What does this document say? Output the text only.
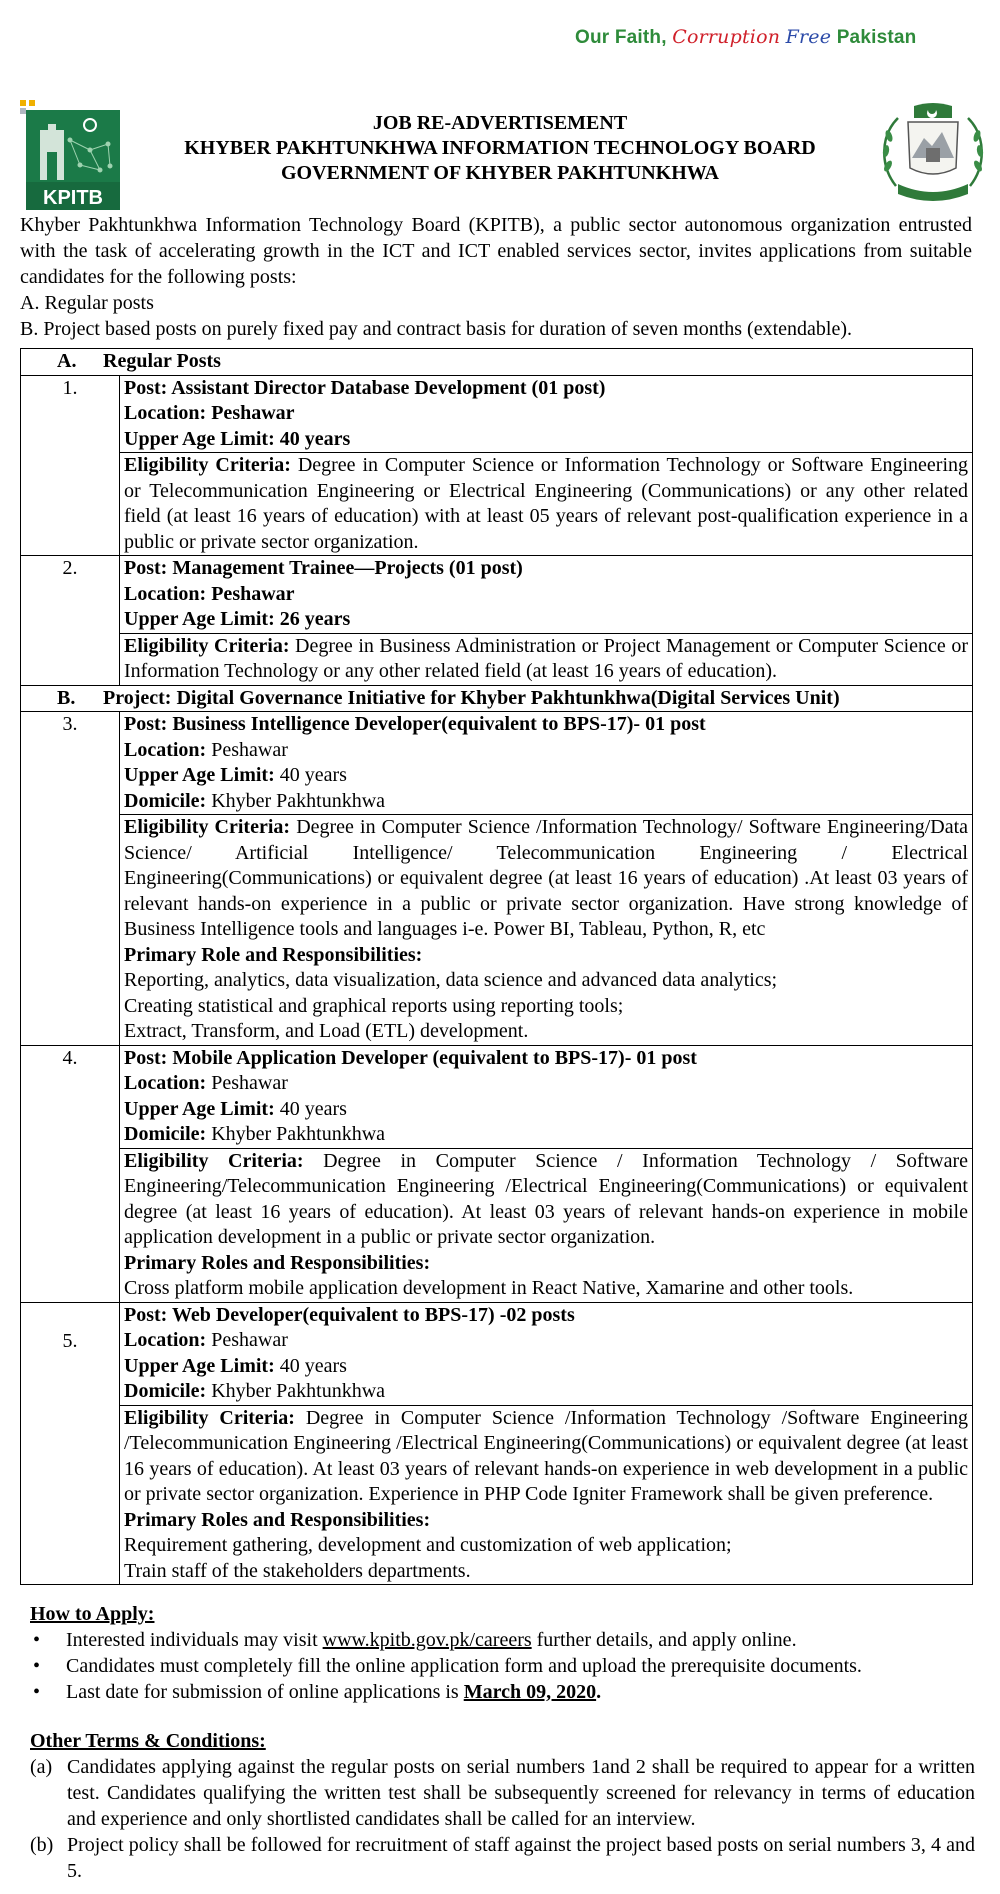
Our Faith, Corruption Free Pakistan
KPITB
JOB RE-ADVERTISEMENT
KHYBER PAKHTUNKHWA INFORMATION TECHNOLOGY BOARD
GOVERNMENT OF KHYBER PAKHTUNKHWA

Khyber Pakhtunkhwa Information Technology Board (KPITB), a public sector autonomous organization entrusted with the task of accelerating growth in the ICT and ICT enabled services sector, invites applications from suitable candidates for the following posts:

A. Regular posts

B. Project based posts on purely fixed pay and contract basis for duration of seven months (extendable).

A. Regular Posts	
1.	Post: Assistant Director Database Development (01 post)
Location: Peshawar
Upper Age Limit: 40 years

	Eligibility Criteria: Degree in Computer Science or Information Technology or Software Engineering or Telecommunication Engineering or Electrical Engineering (Communications) or any other related field (at least 16 years of education) with at least 05 years of relevant post-qualification experience in a public or private sector organization.
2.	Post: Management Trainee—Projects (01 post)
Location: Peshawar
Upper Age Limit: 26 years

	Eligibility Criteria: Degree in Business Administration or Project Management or Computer Science or Information Technology or any other related field (at least 16 years of education).
B. Project: Digital Governance Initiative for Khyber Pakhtunkhwa(Digital Services Unit)	
3.	Post: Business Intelligence Developer(equivalent to BPS-17)- 01 post
Location: Peshawar
Upper Age Limit: 40 years
Domicile: Khyber Pakhtunkhwa

	Eligibility Criteria: Degree in Computer Science /Information Technology/ Software Engineering/Data Science/ Artificial Intelligence/ Telecommunication Engineering / Electrical Engineering(Communications) or equivalent degree (at least 16 years of education) .At least 03 years of relevant hands-on experience in a public or private sector organization. Have strong knowledge of Business Intelligence tools and languages i-e. Power BI, Tableau, Python, R, etc
Primary Role and Responsibilities:
Reporting, analytics, data visualization, data science and advanced data analytics;
Creating statistical and graphical reports using reporting tools;
Extract, Transform, and Load (ETL) development.

4.	Post: Mobile Application Developer (equivalent to BPS-17)- 01 post
Location: Peshawar
Upper Age Limit: 40 years
Domicile: Khyber Pakhtunkhwa

	Eligibility Criteria: Degree in Computer Science / Information Technology / Software Engineering/Telecommunication Engineering /Electrical Engineering(Communications) or equivalent degree (at least 16 years of education). At least 03 years of relevant hands-on experience in mobile application development in a public or private sector organization.
Primary Roles and Responsibilities:
Cross platform mobile application development in React Native, Xamarine and other tools.

5.	Post: Web Developer(equivalent to BPS-17) -02 posts
Location: Peshawar
Upper Age Limit: 40 years
Domicile: Khyber Pakhtunkhwa

	Eligibility Criteria: Degree in Computer Science /Information Technology /Software Engineering /Telecommunication Engineering /Electrical Engineering(Communications) or equivalent degree (at least 16 years of education). At least 03 years of relevant hands-on experience in web development in a public or private sector organization. Experience in PHP Code Igniter Framework shall be given preference.
Primary Roles and Responsibilities:
Requirement gathering, development and customization of web application;
Train staff of the stakeholders departments.
How to Apply:
• Interested individuals may visit www.kpitb.gov.pk/careers further details, and apply online.
• Candidates must completely fill the online application form and upload the prerequisite documents.
• Last date for submission of online applications is March 09, 2020.
Other Terms & Conditions:
(a) Candidates applying against the regular posts on serial numbers 1and 2 shall be required to appear for a written test. Candidates qualifying the written test shall be subsequently screened for relevancy in terms of education and experience and only shortlisted candidates shall be called for an interview.
(b) Project policy shall be followed for recruitment of staff against the project based posts on serial numbers 3, 4 and 5.
